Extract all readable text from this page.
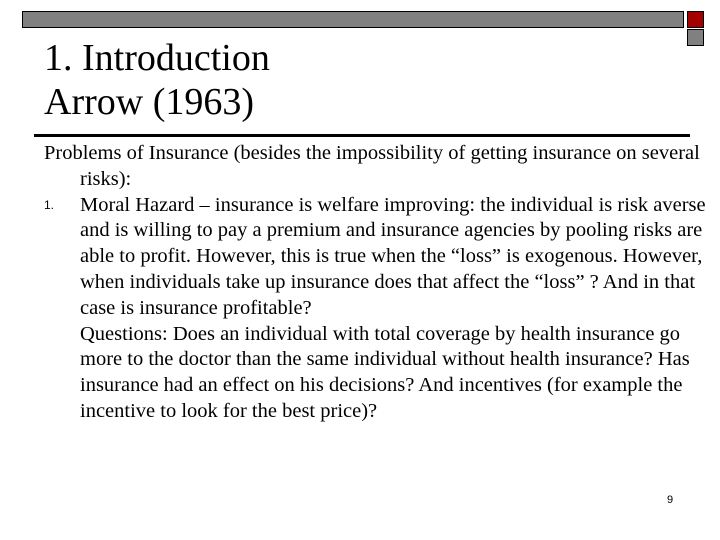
1. Introduction
Arrow (1963)

Problems of Insurance (besides the impossibility of getting insurance on several risks):

1.	Moral Hazard – insurance is welfare improving: the individual is risk averse and is willing to pay a premium and insurance agencies by pooling risks are able to profit. However, this is true when the “loss” is exogenous. However, when individuals take up insurance does that affect the “loss” ? And in that case is insurance profitable?

Questions: Does an individual with total coverage by health insurance go more to the doctor than the same individual without health insurance? Has insurance had an effect on his decisions? And incentives (for example the incentive to look for the best price)?

9
